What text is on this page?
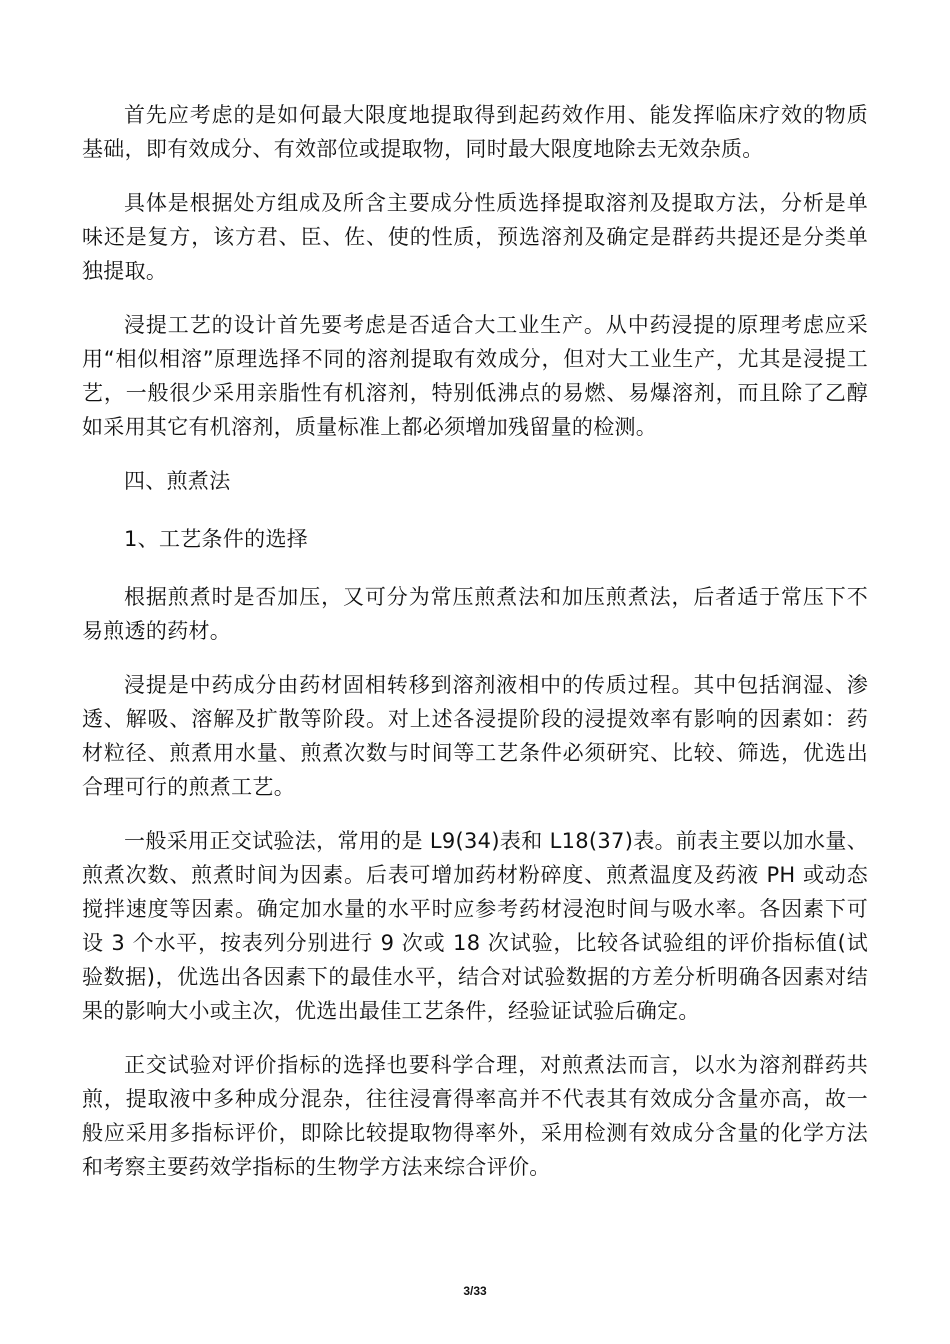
首先应考虑的是如何最大限度地提取得到起药效作用、能发挥临床疗效的物质基础，即有效成分、有效部位或提取物，同时最大限度地除去无效杂质。

具体是根据处方组成及所含主要成分性质选择提取溶剂及提取方法，分析是单味还是复方，该方君、臣、佐、使的性质，预选溶剂及确定是群药共提还是分类单独提取。

浸提工艺的设计首先要考虑是否适合大工业生产。从中药浸提的原理考虑应采用“相似相溶”原理选择不同的溶剂提取有效成分，但对大工业生产，尤其是浸提工艺，一般很少采用亲脂性有机溶剂，特别低沸点的易燃、易爆溶剂，而且除了乙醇如采用其它有机溶剂，质量标准上都必须增加残留量的检测。

四、煎煮法

1、工艺条件的选择

根据煎煮时是否加压，又可分为常压煎煮法和加压煎煮法，后者适于常压下不易煎透的药材。

浸提是中药成分由药材固相转移到溶剂液相中的传质过程。其中包括润湿、渗透、解吸、溶解及扩散等阶段。对上述各浸提阶段的浸提效率有影响的因素如：药材粒径、煎煮用水量、煎煮次数与时间等工艺条件必须研究、比较、筛选，优选出合理可行的煎煮工艺。

一般采用正交试验法，常用的是 L9(34)表和 L18(37)表。前表主要以加水量、煎煮次数、煎煮时间为因素。后表可增加药材粉碎度、煎煮温度及药液 PH 或动态搅拌速度等因素。确定加水量的水平时应参考药材浸泡时间与吸水率。各因素下可设 3 个水平，按表列分别进行 9 次或 18 次试验，比较各试验组的评价指标值(试验数据)，优选出各因素下的最佳水平，结合对试验数据的方差分析明确各因素对结果的影响大小或主次，优选出最佳工艺条件，经验证试验后确定。

正交试验对评价指标的选择也要科学合理，对煎煮法而言，以水为溶剂群药共煎，提取液中多种成分混杂，往往浸膏得率高并不代表其有效成分含量亦高，故一般应采用多指标评价，即除比较提取物得率外，采用检测有效成分含量的化学方法和考察主要药效学指标的生物学方法来综合评价。

3/33
